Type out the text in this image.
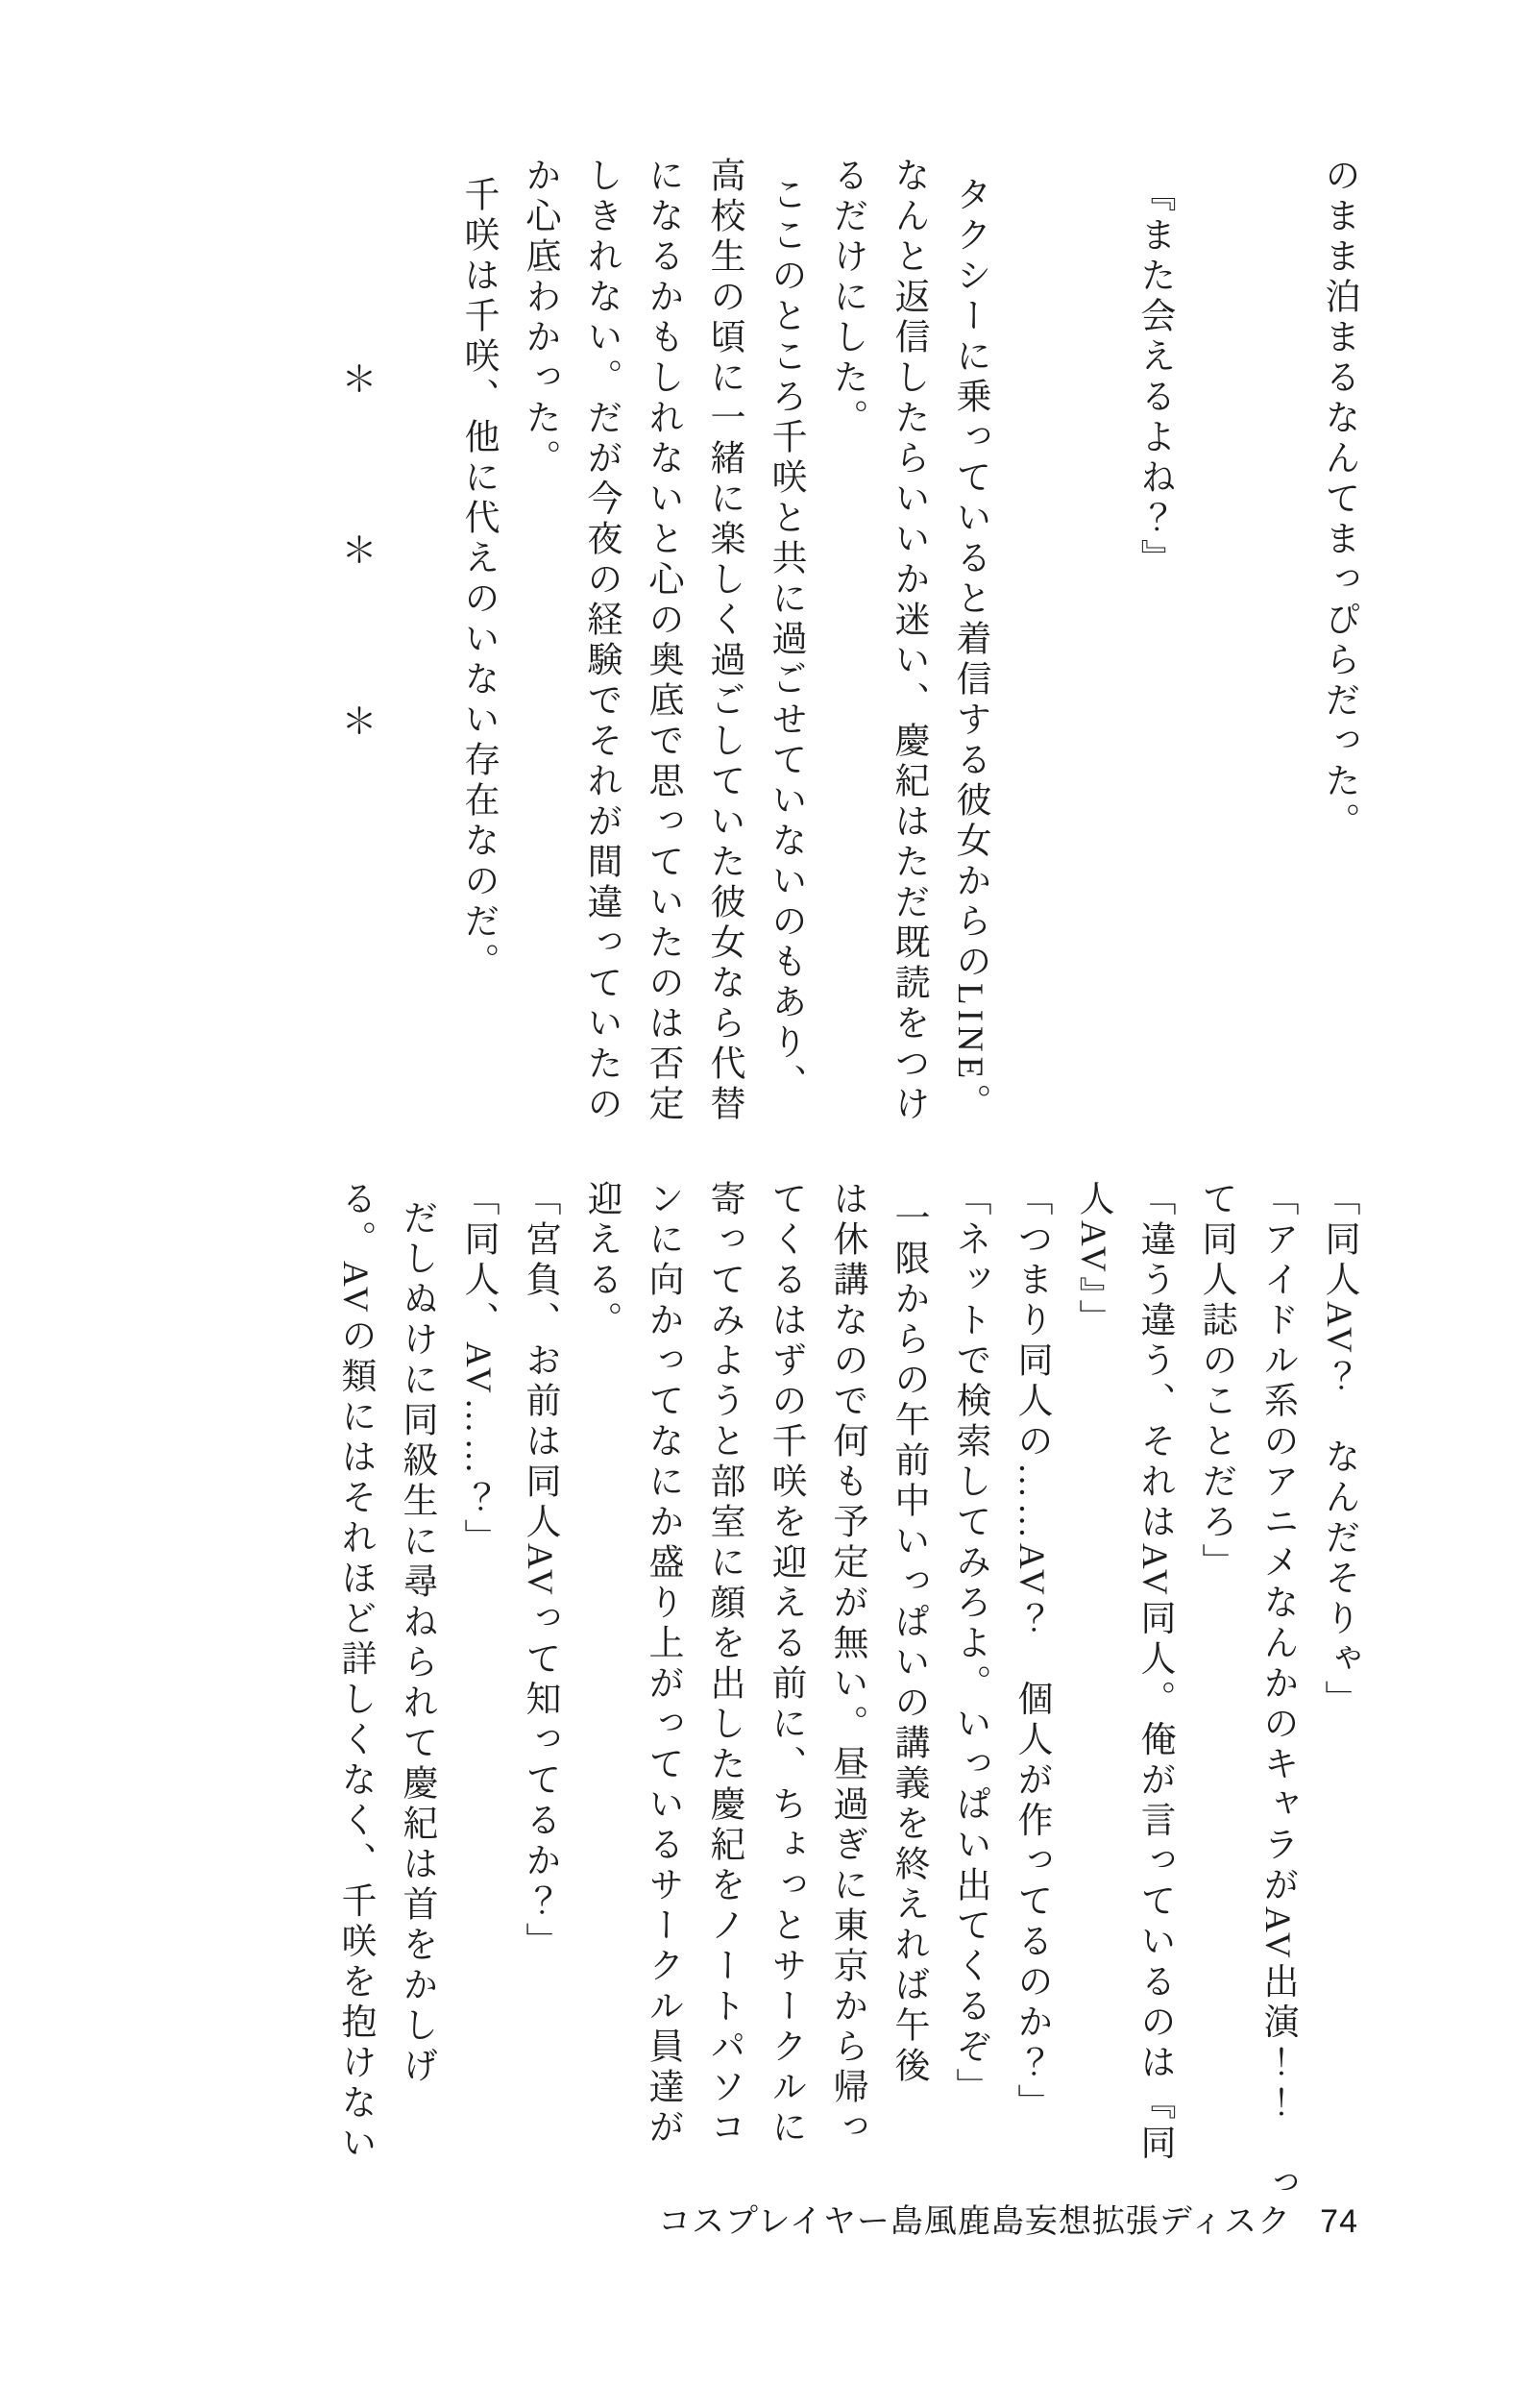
のまま泊まるなんてまっぴらだった。

『また会えるよね？』

タクシーに乗っていると着信する彼女からのLINE。

なんと返信したらいいか迷い、慶紀はただ既読をつけ

るだけにした。

ここのところ千咲と共に過ごせていないのもあり、

高校生の頃に一緒に楽しく過ごしていた彼女なら代替

になるかもしれないと心の奥底で思っていたのは否定

しきれない。だが今夜の経験でそれが間違っていたの

か心底わかった。

千咲は千咲、他に代えのいない存在なのだ。

＊　＊　＊

「同人AV？　なんだそりゃ」

「アイドル系のアニメなんかのキャラがAV出演！！　っ

て同人誌のことだろ」

「違う違う、それはAV同人。俺が言っているのは『同

人AV』」

「つまり同人の……AV？　個人が作ってるのか？」

「ネットで検索してみろよ。いっぱい出てくるぞ」

一限からの午前中いっぱいの講義を終えれば午後

は休講なので何も予定が無い。昼過ぎに東京から帰っ

てくるはずの千咲を迎える前に、ちょっとサークルに

寄ってみようと部室に顔を出した慶紀をノートパソコ

ンに向かってなにか盛り上がっているサークル員達が

迎える。

「宮負、お前は同人AVって知ってるか？」

「同人、AV……？」

だしぬけに同級生に尋ねられて慶紀は首をかしげ

る。AVの類にはそれほど詳しくなく、千咲を抱けない

コスプレイヤー島風鹿島妄想拡張ディスク 74
